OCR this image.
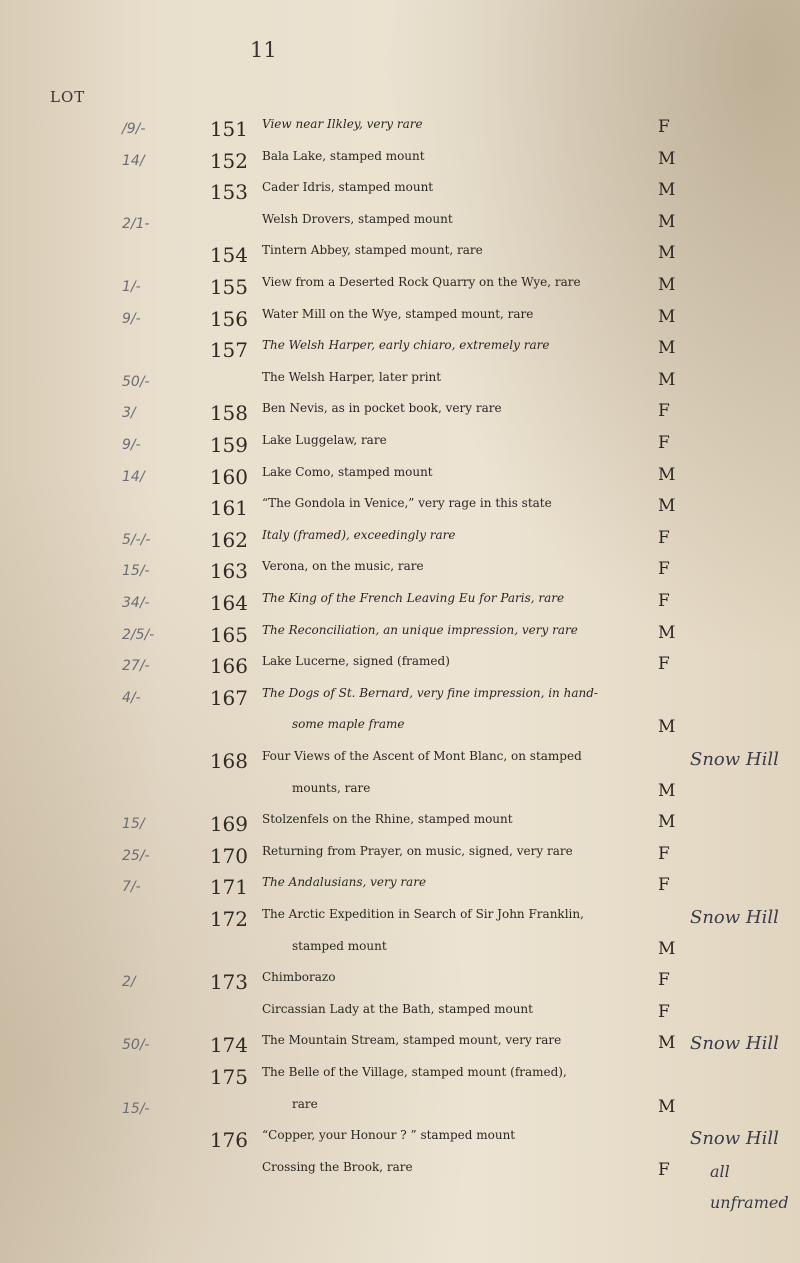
11
LOT
/9/-	151 View near Ilkley, very rare	F
14/	152 Bala Lake, stamped mount	M
153 Cader Idris, stamped mount	M
2/1-	Welsh Drovers, stamped mount	M
154 Tintern Abbey, stamped mount, rare	M
1/-	155 View from a Deserted Rock Quarry on the Wye, rare	M
9/-	156 Water Mill on the Wye, stamped mount, rare	M
157 The Welsh Harper, early chiaro, extremely rare	M
50/-	The Welsh Harper, later print	M
3/	158 Ben Nevis, as in pocket book, very rare	F
9/-	159 Lake Luggelaw, rare	F
14/	160 Lake Como, stamped mount	M
161 “The Gondola in Venice,” very rage in this state	M
5/-/-	162 Italy (framed), exceedingly rare	F
15/-	163 Verona, on the music, rare	F
34/-	164 The King of the French Leaving Eu for Paris, rare	F
2/5/-	165 The Reconciliation, an unique impression, very rare	M
27/-	166 Lake Lucerne, signed (framed)	F
4/-	167 The Dogs of St. Bernard, very fine impression, in hand-
some maple frame	M
168 Four Views of the Ascent of Mont Blanc, on stamped	Snow Hill
mounts, rare	M
15/	169 Stolzenfels on the Rhine, stamped mount	M
25/-	170 Returning from Prayer, on music, signed, very rare	F
7/-	171 The Andalusians, very rare	F
172 The Arctic Expedition in Search of Sir John Franklin,	Snow Hill
stamped mount	M
2/	173 Chimborazo	F
Circassian Lady at the Bath, stamped mount	F
50/-	174 The Mountain Stream, stamped mount, very rare	M Snow Hill
175 The Belle of the Village, stamped mount (framed),
15/-	rare	M
176 “Copper, your Honour ? ” stamped mount	Snow Hill
Crossing the Brook, rare	F	all
unframed
